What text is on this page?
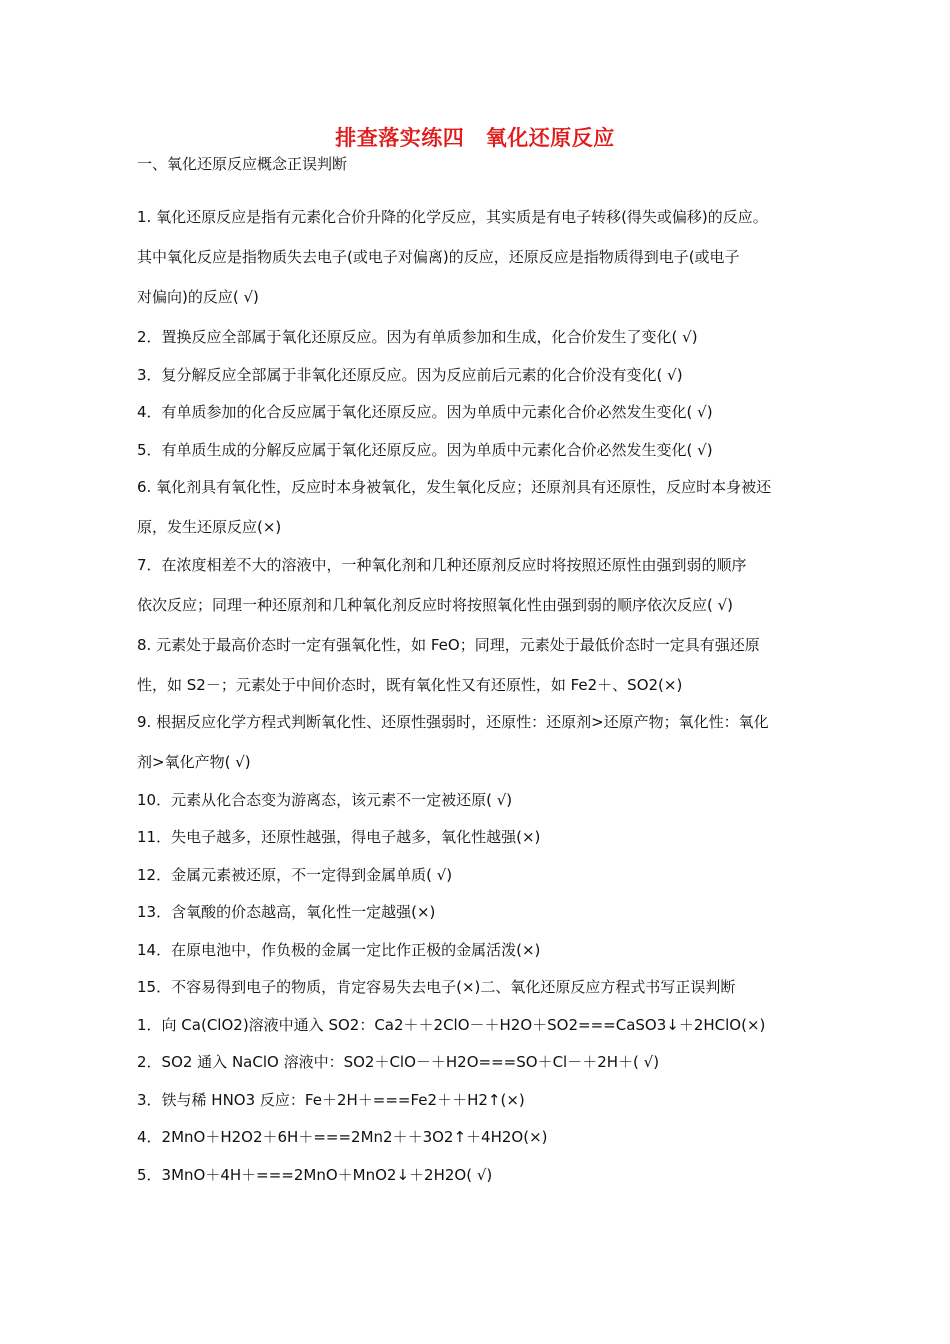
排查落实练四　氧化还原反应
一、氧化还原反应概念正误判断
1. 氧化还原反应是指有元素化合价升降的化学反应，其实质是有电子转移(得失或偏移)的反应。
其中氧化反应是指物质失去电子(或电子对偏离)的反应，还原反应是指物质得到电子(或电子
对偏向)的反应( √)
2．置换反应全部属于氧化还原反应。因为有单质参加和生成，化合价发生了变化( √)
3．复分解反应全部属于非氧化还原反应。因为反应前后元素的化合价没有变化( √)
4．有单质参加的化合反应属于氧化还原反应。因为单质中元素化合价必然发生变化( √)
5．有单质生成的分解反应属于氧化还原反应。因为单质中元素化合价必然发生变化( √)
6. 氧化剂具有氧化性，反应时本身被氧化，发生氧化反应；还原剂具有还原性，反应时本身被还
原，发生还原反应(×)
7．在浓度相差不大的溶液中，一种氧化剂和几种还原剂反应时将按照还原性由强到弱的顺序
依次反应；同理一种还原剂和几种氧化剂反应时将按照氧化性由强到弱的顺序依次反应( √)
8. 元素处于最高价态时一定有强氧化性，如 FeO；同理，元素处于最低价态时一定具有强还原
性，如 S2－；元素处于中间价态时，既有氧化性又有还原性，如 Fe2＋、SO2(×)
9. 根据反应化学方程式判断氧化性、还原性强弱时，还原性：还原剂>还原产物；氧化性：氧化
剂>氧化产物( √)
10．元素从化合态变为游离态，该元素不一定被还原( √)
11．失电子越多，还原性越强，得电子越多，氧化性越强(×)
12．金属元素被还原，不一定得到金属单质( √)
13．含氧酸的价态越高，氧化性一定越强(×)
14．在原电池中，作负极的金属一定比作正极的金属活泼(×)
15．不容易得到电子的物质，肯定容易失去电子(×)二、氧化还原反应方程式书写正误判断
1．向 Ca(ClO2)溶液中通入 SO2：Ca2＋＋2ClO－＋H2O＋SO2===CaSO3↓＋2HClO(×)
2．SO2 通入 NaClO 溶液中：SO2＋ClO－＋H2O===SO＋Cl－＋2H＋( √)
3．铁与稀 HNO3 反应：Fe＋2H＋===Fe2＋＋H2↑(×)
4．2MnO＋H2O2＋6H＋===2Mn2＋＋3O2↑＋4H2O(×)
5．3MnO＋4H＋===2MnO＋MnO2↓＋2H2O( √)
